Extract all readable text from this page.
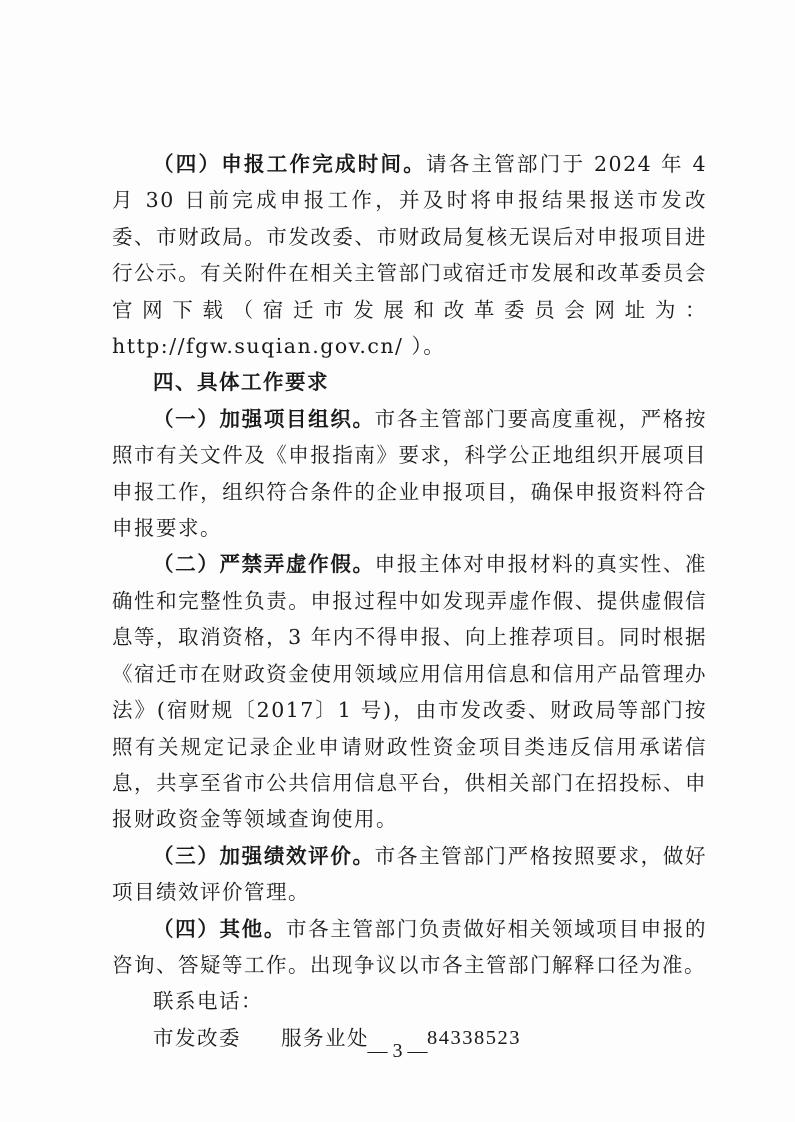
（四）申报工作完成时间。请各主管部门于 2024 年 4 月 30 日前完成申报工作，并及时将申报结果报送市发改委、市财政局。市发改委、市财政局复核无误后对申报项目进行公示。有关附件在相关主管部门或宿迁市发展和改革委员会官网下载（宿迁市发展和改革委员会网址为：http://fgw.suqian.gov.cn/ ）。

四、具体工作要求

（一）加强项目组织。市各主管部门要高度重视，严格按照市有关文件及《申报指南》要求，科学公正地组织开展项目申报工作，组织符合条件的企业申报项目，确保申报资料符合申报要求。

（二）严禁弄虚作假。申报主体对申报材料的真实性、准确性和完整性负责。申报过程中如发现弄虚作假、提供虚假信息等，取消资格，3 年内不得申报、向上推荐项目。同时根据《宿迁市在财政资金使用领域应用信用信息和信用产品管理办法》(宿财规〔2017〕1 号)，由市发改委、财政局等部门按照有关规定记录企业申请财政性资金项目类违反信用承诺信息，共享至省市公共信用信息平台，供相关部门在招投标、申报财政资金等领域查询使用。

（三）加强绩效评价。市各主管部门严格按照要求，做好项目绩效评价管理。

（四）其他。市各主管部门负责做好相关领域项目申报的咨询、答疑等工作。出现争议以市各主管部门解释口径为准。

联系电话：

市发改委	服务业处	84338523
— 3 —
